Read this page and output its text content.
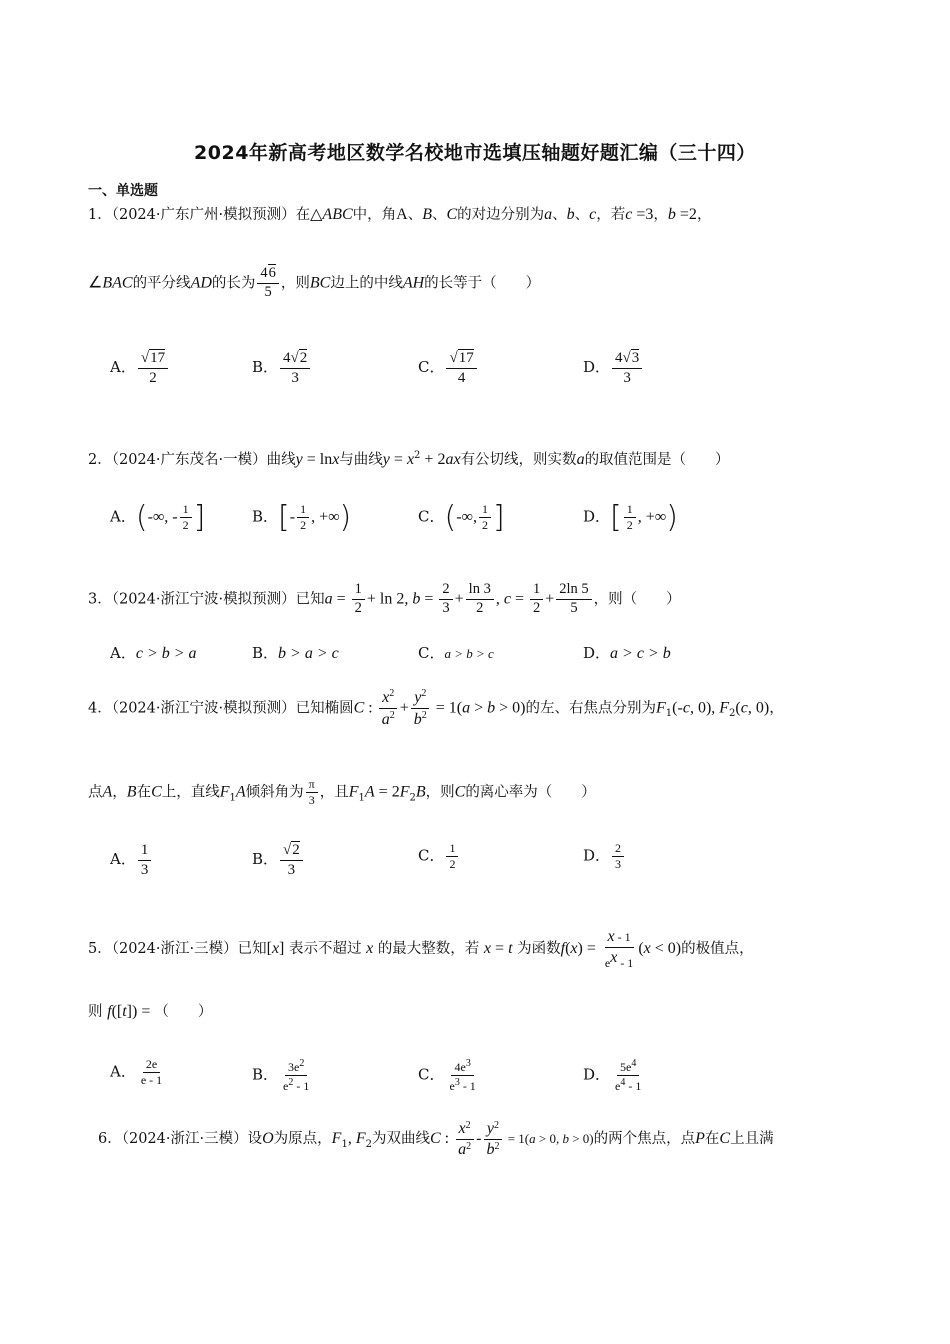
2024年新高考地区数学名校地市选填压轴题好题汇编（三十四）
一、单选题
1．（2024·广东广州·模拟预测）在△ABC中，角A、B、C的对边分别为a、b、c，若c =3，b =2，
∠BAC的平分线AD的长为 $\frac{46}{5}$ ，则BC边上的中线AH的长等于（　　）
A． $\frac{√17}{2}$	B． $\frac{4√2}{3}$	C． $\frac{√17}{4}$	D． $\frac{4√3}{3}$
2．（2024·广东茂名·一模）曲线y = lnx与曲线$y = x^2 + 2ax$有公切线，则实数a的取值范围是（　　）
A．(-∞, - $\frac{1}{2}$ ]	B．[- $\frac{1}{2}$ , +∞)	C．(-∞, $\frac{1}{2}$ ]	D．[ $\frac{1}{2}$ , +∞)
3．（2024·浙江宁波·模拟预测）已知$a = \frac{1}{2} + \ln 2$, $b = \frac{2}{3} + \frac{\ln 3}{2}$ , $c = \frac{1}{2} + \frac{2\ln 5}{5}$ ，则（　　）
A．c > b > a	B．b > a > c	C．a > b > c	D．a > c > b
4．（2024·浙江宁波·模拟预测）已知椭圆C : $\frac{x^2}{a^2} + \frac{y^2}{b^2} = 1(a > b > 0)$的左、右焦点分别为$F_1(-c$, 0), $F_2(c$, 0)，
点A，B在C上，直线$F_1A$倾斜角为 $\frac{\pi}{3}$ ，且$F_1A = 2F_2B$，则C的离心率为（　　）
A． $\frac{1}{3}$	B． $\frac{√2}{3}$	C． $\frac{1}{2}$	D． $\frac{2}{3}$
5．（2024·浙江·三模）已知[x] 表示不超过 x 的最大整数，若 x = t 为函数$f(x) = \frac{x - 1}{e^x - 1} (x < 0)$的极值点，
则 f([t]) = （　　）
A． $\frac{2e}{e - 1}$	B． $\frac{3e^2}{e^2 - 1}$	C． $\frac{4e^3}{e^3 - 1}$	D． $\frac{5e^4}{e^4 - 1}$
6．（2024·浙江·三模）设O为原点，$F_1$, $F_2$为双曲线C : $\frac{x^2}{a^2} - \frac{y^2}{b^2} = 1(a > 0$, b > 0)的两个焦点，点P在C上且满
